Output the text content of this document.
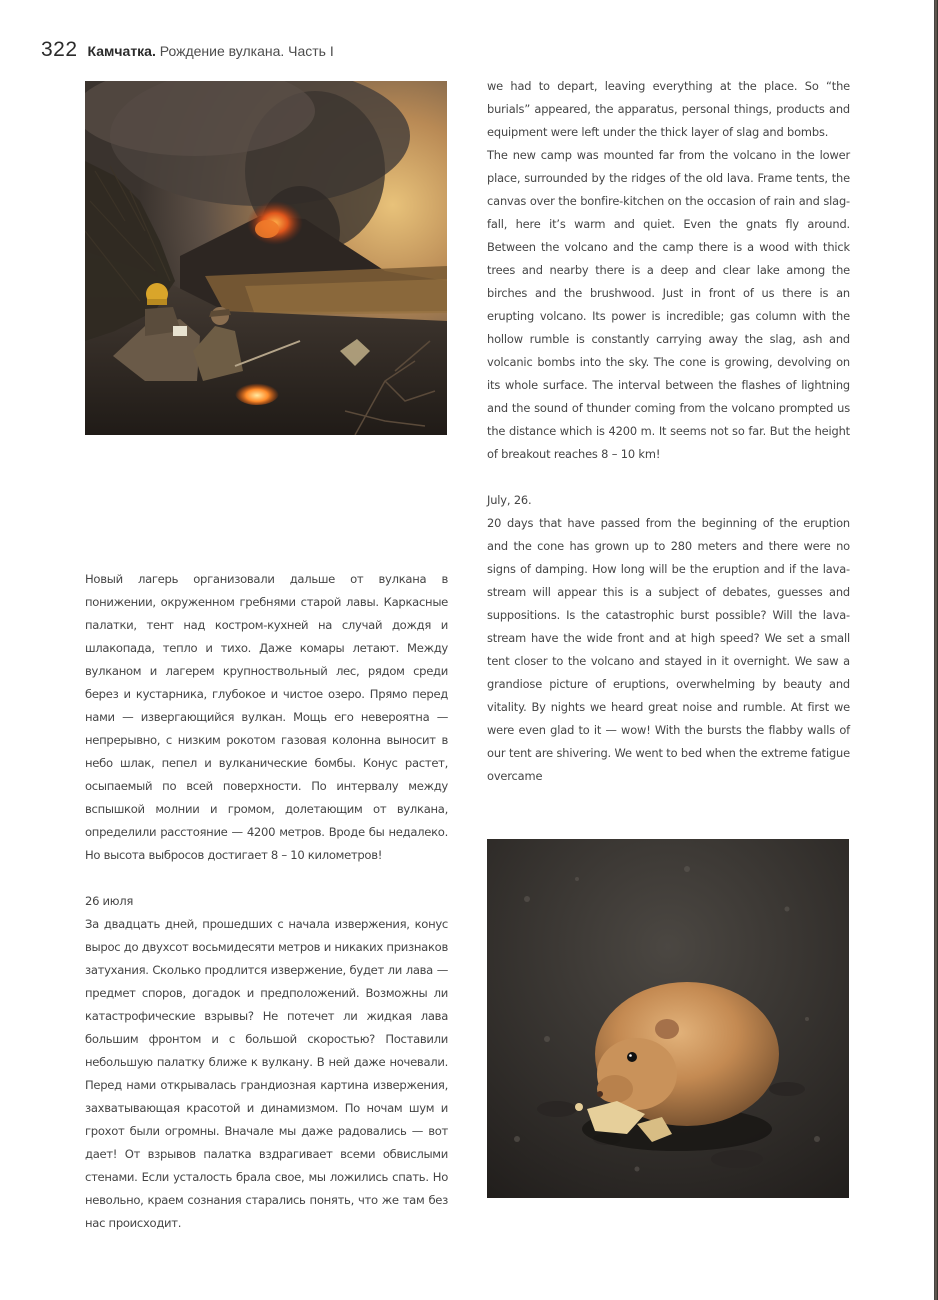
322 Камчатка. Рождение вулкана. Часть I

we had to depart, leaving everything at the place. So “the burials” appeared, the apparatus, personal things, products and equipment were left under the thick layer of slag and bombs.

The new camp was mounted far from the volcano in the lower place, surrounded by the ridges of the old lava. Frame tents, the canvas over the bonfire-kitchen on the occasion of rain and slag-fall, here it’s warm and quiet. Even the gnats fly around. Between the volcano and the camp there is a wood with thick trees and nearby there is a deep and clear lake among the birches and the brushwood. Just in front of us there is an erupting volcano. Its power is incredible; gas column with the hollow rumble is constantly carrying away the slag, ash and volcanic bombs into the sky. The cone is growing, devolving on its whole surface. The interval between the flashes of lightning and the sound of thunder coming from the volcano prompted us the distance which is 4200 m. It seems not so far. But the height of breakout reaches 8 – 10 km!

July, 26.

20 days that have passed from the beginning of the eruption and the cone has grown up to 280 meters and there were no signs of damping. How long will be the eruption and if the lava-stream will appear this is a subject of debates, guesses and suppositions. Is the catastrophic burst possible? Will the lava-stream have the wide front and at high speed? We set a small tent closer to the volcano and stayed in it overnight. We saw a grandiose picture of eruptions, overwhelming by beauty and vitality. By nights we heard great noise and rumble. At first we were even glad to it — wow! With the bursts the flabby walls of our tent are shivering. We went to bed when the extreme fatigue overcame

Новый лагерь организовали дальше от вулкана в понижении, окруженном гребнями старой лавы. Каркасные палатки, тент над костром-кухней на случай дождя и шлакопада, тепло и тихо. Даже комары летают. Между вулканом и лагерем крупноствольный лес, рядом среди берез и кустарника, глубокое и чистое озеро. Прямо перед нами — извергающийся вулкан. Мощь его невероятна — непрерывно, с низким рокотом газовая колонна выносит в небо шлак, пепел и вулканические бомбы. Конус растет, осыпаемый по всей поверхности. По интервалу между вспышкой молнии и громом, долетающим от вулкана, определили расстояние — 4200 метров. Вроде бы недалеко. Но высота выбросов достигает 8 – 10 километров!

26 июля

За двадцать дней, прошедших с начала извержения, конус вырос до двухсот восьмидесяти метров и никаких признаков затухания. Сколько продлится извержение, будет ли лава — предмет споров, догадок и предположений. Возможны ли катастрофические взрывы? Не потечет ли жидкая лава большим фронтом и с большой скоростью? Поставили небольшую палатку ближе к вулкану. В ней даже ночевали. Перед нами открывалась грандиозная картина извержения, захватывающая красотой и динамизмом. По ночам шум и грохот были огромны. Вначале мы даже радовались — вот дает! От взрывов палатка вздрагивает всеми обвислыми стенами. Если усталость брала свое, мы ложились спать. Но невольно, краем сознания старались понять, что же там без нас происходит.
